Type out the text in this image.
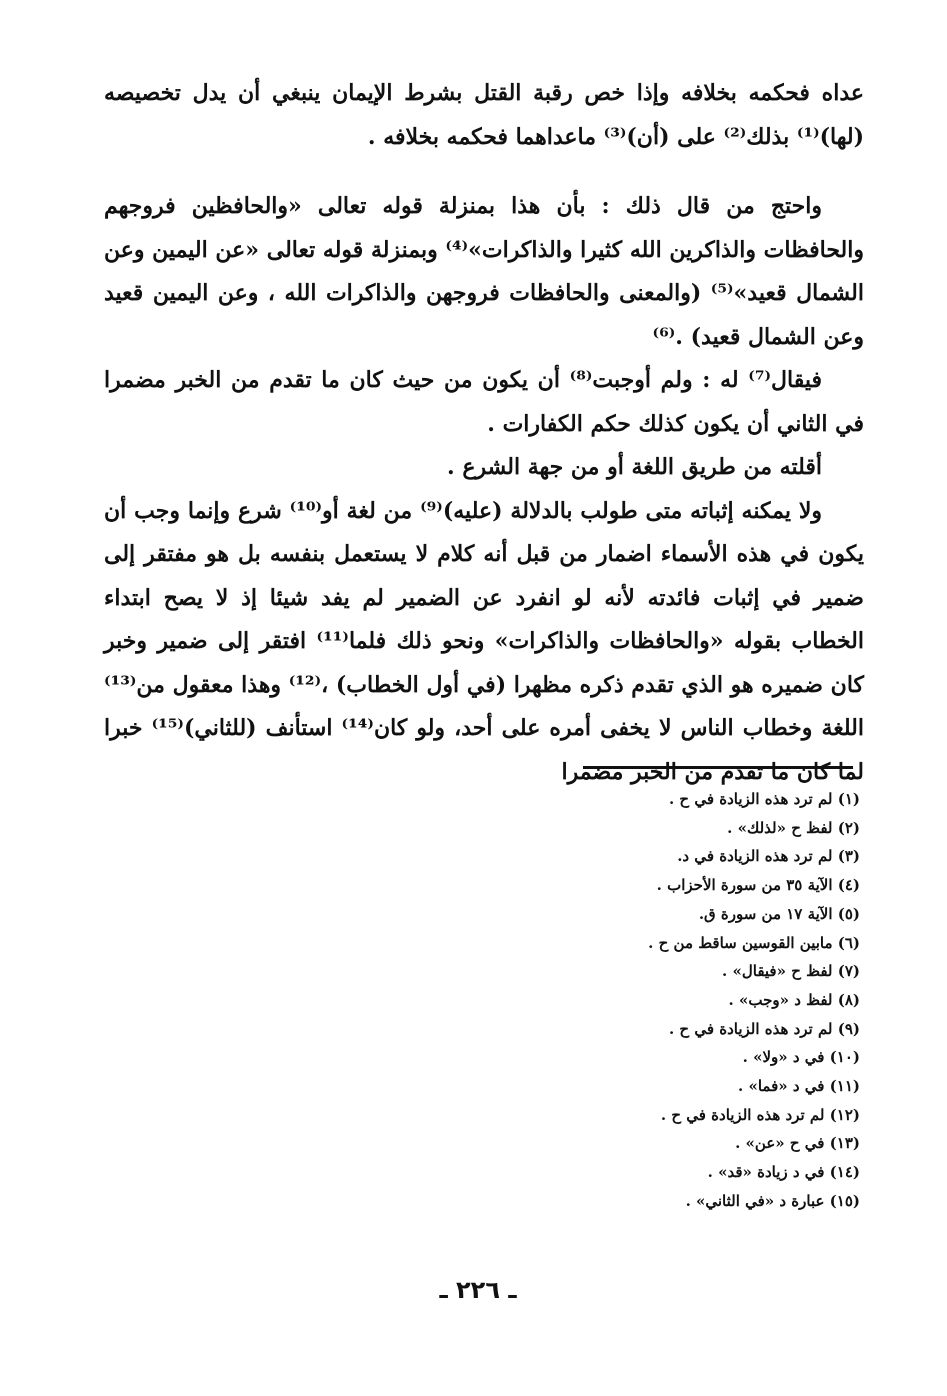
عداه فحكمه بخلافه وإذا خص رقبة القتل بشرط الإيمان ينبغي أن يدل تخصيصه (لها)⁽¹⁾ بذلك⁽²⁾ على (أن)⁽³⁾ ماعداهما فحكمه بخلافه .

واحتج من قال ذلك : بأن هذا بمنزلة قوله تعالى «والحافظين فروجهم والحافظات والذاكرين الله كثيرا والذاكرات»⁽⁴⁾ وبمنزلة قوله تعالى «عن اليمين وعن الشمال قعيد»⁽⁵⁾ (والمعنى والحافظات فروجهن والذاكرات الله ، وعن اليمين قعيد وعن الشمال قعيد) .⁽⁶⁾

فيقال⁽⁷⁾ له : ولم أوجبت⁽⁸⁾ أن يكون من حيث كان ما تقدم من الخبر مضمرا في الثاني أن يكون كذلك حكم الكفارات .

أقلته من طريق اللغة أو من جهة الشرع .

ولا يمكنه إثباته متى طولب بالدلالة (عليه)⁽⁹⁾ من لغة أو⁽¹⁰⁾ شرع وإنما وجب أن يكون في هذه الأسماء اضمار من قبل أنه كلام لا يستعمل بنفسه بل هو مفتقر إلى ضمير في إثبات فائدته لأنه لو انفرد عن الضمير لم يفد شيئا إذ لا يصح ابتداء الخطاب بقوله «والحافظات والذاكرات» ونحو ذلك فلما⁽¹¹⁾ افتقر إلى ضمير وخبر كان ضميره هو الذي تقدم ذكره مظهرا (في أول الخطاب) ،⁽¹²⁾ وهذا معقول من⁽¹³⁾ اللغة وخطاب الناس لا يخفى أمره على أحد، ولو كان⁽¹⁴⁾ استأنف (للثاني)⁽¹⁵⁾ خبرا لما كان ما تقدم من الخبر مضمرا

(١) لم ترد هذه الزيادة في ح .
(٢) لفظ ح «لذلك» .
(٣) لم ترد هذه الزيادة في د.
(٤) الآية ٣٥ من سورة الأحزاب .
(٥) الآية ١٧ من سورة ق.
(٦) مابين القوسين ساقط من ح .
(٧) لفظ ح «فيقال» .
(٨) لفظ د «وجب» .
(٩) لم ترد هذه الزيادة في ح .
(١٠) في د «ولا» .
(١١) في د «فما» .
(١٢) لم ترد هذه الزيادة في ح .
(١٣) في ح «عن» .
(١٤) في د زيادة «قد» .
(١٥) عبارة د «في الثاني» .
ـ ٢٢٦ ـ
